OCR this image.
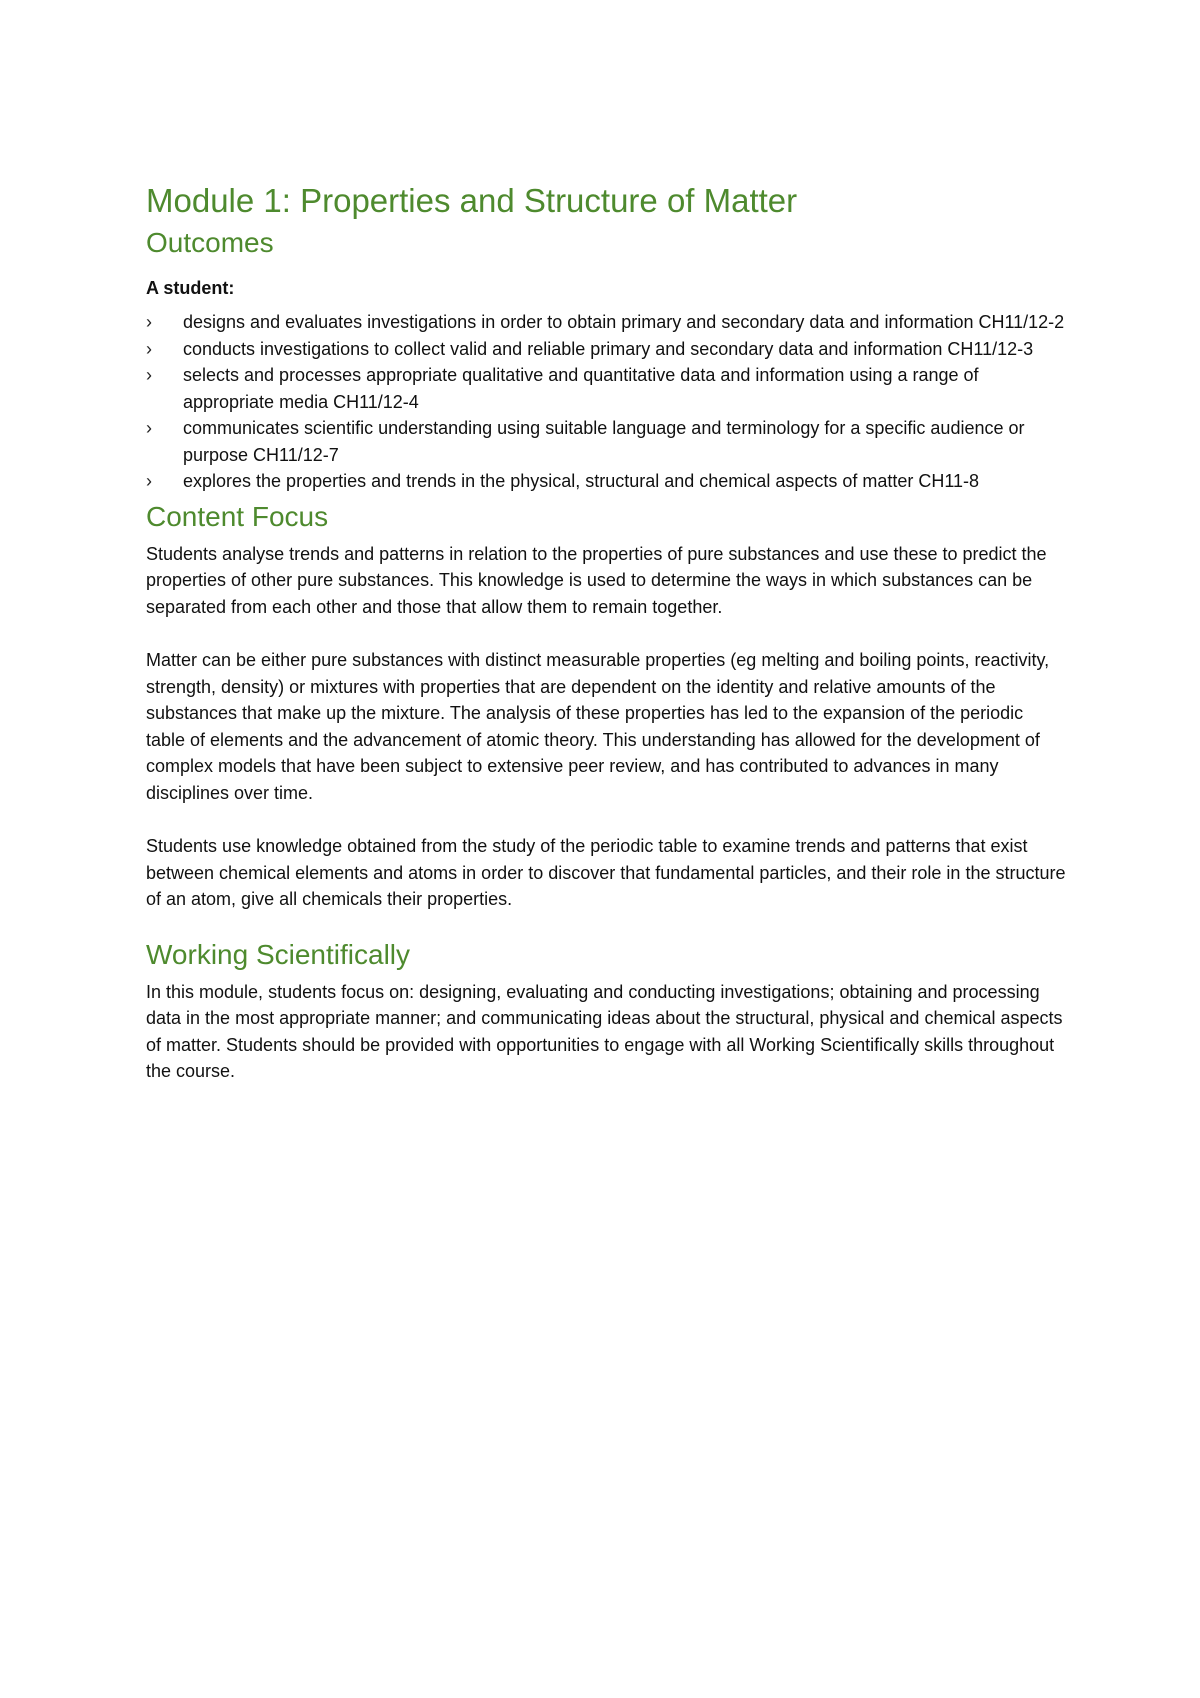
Module 1: Properties and Structure of Matter
Outcomes
A student:
›	designs and evaluates investigations in order to obtain primary and secondary data and information CH11/12-2
›	conducts investigations to collect valid and reliable primary and secondary data and information CH11/12-3
›	selects and processes appropriate qualitative and quantitative data and information using a range of appropriate media CH11/12-4
›	communicates scientific understanding using suitable language and terminology for a specific audience or purpose CH11/12-7
›	explores the properties and trends in the physical, structural and chemical aspects of matter CH11-8
Content Focus

Students analyse trends and patterns in relation to the properties of pure substances and use these to predict the properties of other pure substances. This knowledge is used to determine the ways in which substances can be separated from each other and those that allow them to remain together.

Matter can be either pure substances with distinct measurable properties (eg melting and boiling points, reactivity, strength, density) or mixtures with properties that are dependent on the identity and relative amounts of the substances that make up the mixture. The analysis of these properties has led to the expansion of the periodic table of elements and the advancement of atomic theory. This understanding has allowed for the development of complex models that have been subject to extensive peer review, and has contributed to advances in many disciplines over time.

Students use knowledge obtained from the study of the periodic table to examine trends and patterns that exist between chemical elements and atoms in order to discover that fundamental particles, and their role in the structure of an atom, give all chemicals their properties.

Working Scientifically

In this module, students focus on: designing, evaluating and conducting investigations; obtaining and processing data in the most appropriate manner; and communicating ideas about the structural, physical and chemical aspects of matter. Students should be provided with opportunities to engage with all Working Scientifically skills throughout the course.
